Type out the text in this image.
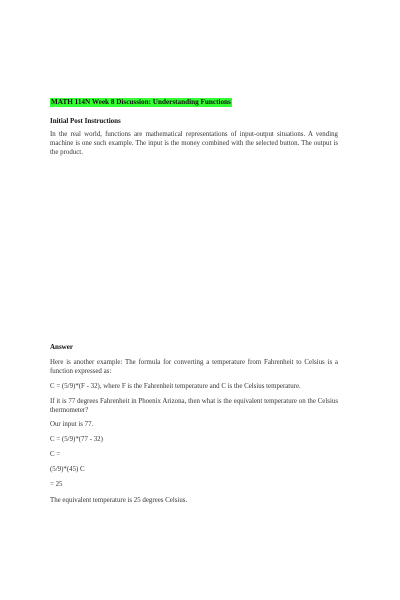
MATH 114N Week 8 Discussion: Understanding Functions
Initial Post Instructions
In the real world, functions are mathematical representations of input-output situations. A vending machine is one such example. The input is the money combined with the selected button. The output is the product.
Answer
Here is another example: The formula for converting a temperature from Fahrenheit to Celsius is a function expressed as:
C = (5/9)*(F - 32), where F is the Fahrenheit temperature and C is the Celsius temperature.
If it is 77 degrees Fahrenheit in Phoenix Arizona, then what is the equivalent temperature on the Celsius thermometer?
Our input is 77.
C = (5/9)*(77 - 32)
C =
(5/9)*(45) C
= 25
The equivalent temperature is 25 degrees Celsius.
